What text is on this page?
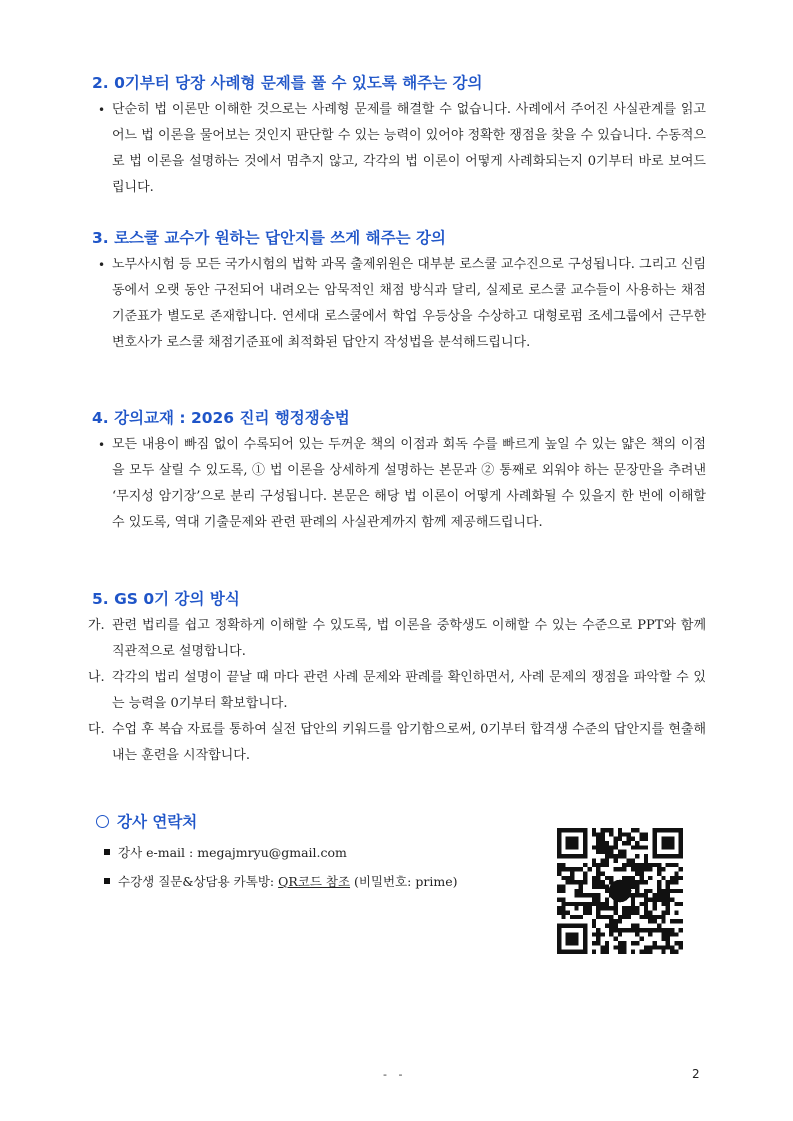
2. 0기부터 당장 사례형 문제를 풀 수 있도록 해주는 강의
• 단순히 법 이론만 이해한 것으로는 사례형 문제를 해결할 수 없습니다. 사례에서 주어진 사실관계를 읽고 어느 법 이론을 물어보는 것인지 판단할 수 있는 능력이 있어야 정확한 쟁점을 찾을 수 있습니다. 수동적으로 법 이론을 설명하는 것에서 멈추지 않고, 각각의 법 이론이 어떻게 사례화되는지 0기부터 바로 보여드립니다.

3. 로스쿨 교수가 원하는 답안지를 쓰게 해주는 강의
• 노무사시험 등 모든 국가시험의 법학 과목 출제위원은 대부분 로스쿨 교수진으로 구성됩니다. 그리고 신림동에서 오랫 동안 구전되어 내려오는 암묵적인 채점 방식과 달리, 실제로 로스쿨 교수들이 사용하는 채점기준표가 별도로 존재합니다. 연세대 로스쿨에서 학업 우등상을 수상하고 대형로펌 조세그룹에서 근무한 변호사가 로스쿨 채점기준표에 최적화된 답안지 작성법을 분석해드립니다.

4. 강의교재 : 2026 진리 행정쟁송법
• 모든 내용이 빠짐 없이 수록되어 있는 두꺼운 책의 이점과 회독 수를 빠르게 높일 수 있는 얇은 책의 이점을 모두 살릴 수 있도록, ① 법 이론을 상세하게 설명하는 본문과 ② 통째로 외워야 하는 문장만을 추려낸 ‘무지성 암기장’으로 분리 구성됩니다. 본문은 해당 법 이론이 어떻게 사례화될 수 있을지 한 번에 이해할 수 있도록, 역대 기출문제와 관련 판례의 사실관계까지 함께 제공해드립니다.

5. GS 0기 강의 방식
가. 관련 법리를 쉽고 정확하게 이해할 수 있도록, 법 이론을 중학생도 이해할 수 있는 수준으로 PPT와 함께 직관적으로 설명합니다.

나. 각각의 법리 설명이 끝날 때 마다 관련 사례 문제와 판례를 확인하면서, 사례 문제의 쟁점을 파악할 수 있는 능력을 0기부터 확보합니다.

다. 수업 후 복습 자료를 통하여 실전 답안의 키워드를 암기함으로써, 0기부터 합격생 수준의 답안지를 현출해내는 훈련을 시작합니다.

강사 연락처
강사 e-mail : megajmryu@gmail.com
수강생 질문&상담용 카톡방: QR코드 참조 (비밀번호: prime)
- -	2
